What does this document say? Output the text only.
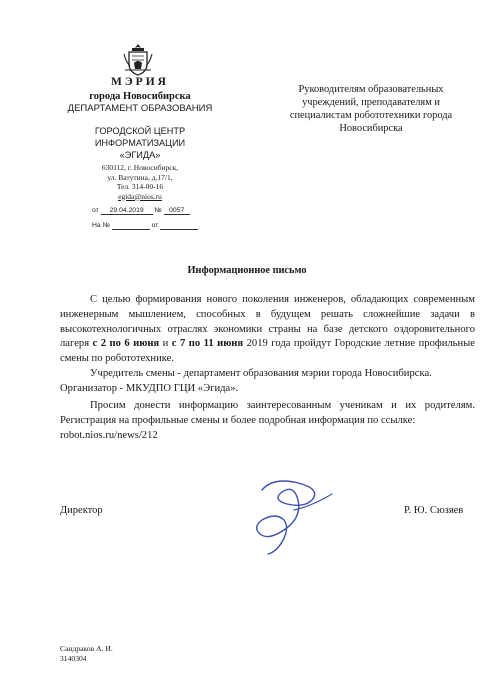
МЭРИЯ
города Новосибирска
ДЕПАРТАМЕНТ ОБРАЗОВАНИЯ
ГОРОДСКОЙ ЦЕНТР
ИНФОРМАТИЗАЦИИ
«ЭГИДА»
630112, г. Новосибирск,
ул. Ватутина, д.17/1,
Тел. 314-00-16
egida@nios.ru
от 29.04.2019 № 0057
На №	от
Руководителям образовательных
учреждений, преподавателям и
специалистам робототехники города
Новосибирска
Информационное письмо

С целью формирования нового поколения инженеров, обладающих современным инженерным мышлением, способных в будущем решать сложнейшие задачи в высокотехнологичных отраслях экономики страны на базе детского оздоровительного лагеря с 2 по 6 июня и с 7 по 11 июня 2019 года пройдут Городские летние профильные смены по робототехнике.

Учредитель смены - департамент образования мэрии города Новосибирска.

Организатор - МКУДПО ГЦИ «Эгида».

Просим донести информацию заинтересованным ученикам и их родителям. Регистрация на профильные смены и более подробная информация по ссылке:

robot.nios.ru/news/212
Директор	Р. Ю. Сюзяев
Сандраков А. И.
3140304
